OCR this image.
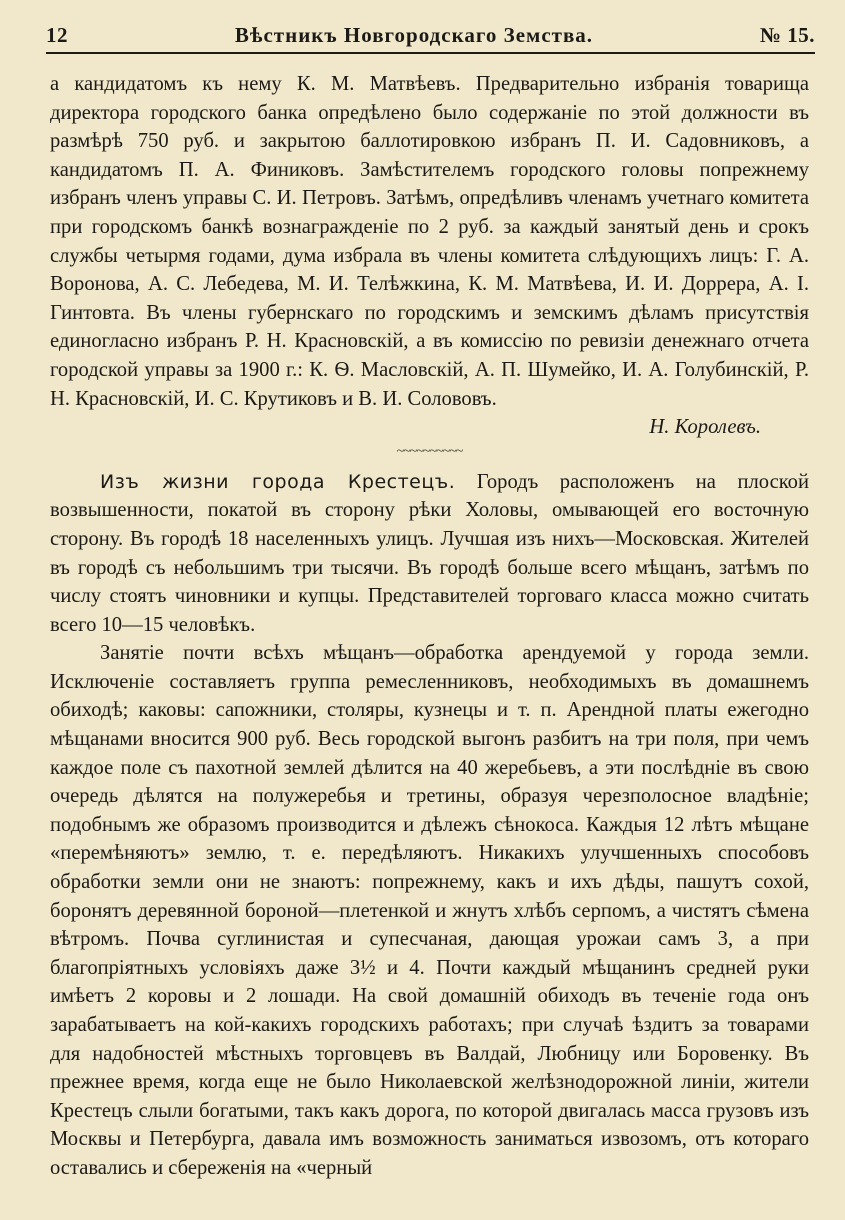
12	Вѣстникъ Новгородскаго Земства.	№ 15.

а кандидатомъ къ нему К. М. Матвѣевъ. Предварительно избранія товарища директора городского банка опредѣлено было содержаніе по этой должности въ размѣрѣ 750 руб. и закрытою баллотировкою избранъ П. И. Садовниковъ, а кандидатомъ П. А. Финиковъ. Замѣстителемъ городского головы попрежнему избранъ членъ управы С. И. Петровъ. Затѣмъ, опредѣливъ членамъ учетнаго комитета при городскомъ банкѣ вознагражденіе по 2 руб. за каждый занятый день и срокъ службы четырмя годами, дума избрала въ члены комитета слѣдующихъ лицъ: Г. А. Воронова, А. С. Лебедева, М. И. Телѣжкина, К. М. Матвѣева, И. И. Доррера, А. І. Гинтовта. Въ члены губернскаго по городскимъ и земскимъ дѣламъ присутствія единогласно избранъ Р. Н. Красновскій, а въ комиссію по ревизіи денежнаго отчета городской управы за 1900 г.: К. Ѳ. Масловскій, А. П. Шумейко, И. А. Голубинскій, Р. Н. Красновскій, И. С. Крутиковъ и В. И. Солововъ.

Н. Королевъ.

~~~~~~~~~~

Изъ жизни города Крестецъ. Городъ расположенъ на плоской возвышенности, покатой въ сторону рѣки Холовы, омывающей его восточную сторону. Въ городѣ 18 населенныхъ улицъ. Лучшая изъ нихъ—Московская. Жителей въ городѣ съ небольшимъ три тысячи. Въ городѣ больше всего мѣщанъ, затѣмъ по числу стоятъ чиновники и купцы. Представителей торговаго класса можно считать всего 10—15 человѣкъ.

Занятіе почти всѣхъ мѣщанъ—обработка арендуемой у города земли. Исключеніе составляетъ группа ремесленниковъ, необходимыхъ въ домашнемъ обиходѣ; каковы: сапожники, столяры, кузнецы и т. п. Арендной платы ежегодно мѣщанами вносится 900 руб. Весь городской выгонъ разбитъ на три поля, при чемъ каждое поле съ пахотной землей дѣлится на 40 жеребьевъ, а эти послѣдніе въ свою очередь дѣлятся на полужеребья и третины, образуя черезполосное владѣніе; подобнымъ же образомъ производится и дѣлежъ сѣнокоса. Каждыя 12 лѣтъ мѣщане «перемѣняютъ» землю, т. е. передѣляютъ. Никакихъ улучшенныхъ способовъ обработки земли они не знаютъ: попрежнему, какъ и ихъ дѣды, пашутъ сохой, боронятъ деревянной бороной—плетенкой и жнутъ хлѣбъ серпомъ, а чистятъ сѣмена вѣтромъ. Почва суглинистая и супесчаная, дающая урожаи самъ 3, а при благопріятныхъ условіяхъ даже 3½ и 4. Почти каждый мѣщанинъ средней руки имѣетъ 2 коровы и 2 лошади. На свой домашній обиходъ въ теченіе года онъ зарабатываетъ на кой-какихъ городскихъ работахъ; при случаѣ ѣздитъ за товарами для надобностей мѣстныхъ торговцевъ въ Валдай, Любницу или Боровенку. Въ прежнее время, когда еще не было Николаевской желѣзнодорожной линіи, жители Крестецъ слыли богатыми, такъ какъ дорога, по которой двигалась масса грузовъ изъ Москвы и Петербурга, давала имъ возможность заниматься извозомъ, отъ котораго оставались и сбереженія на «черный
